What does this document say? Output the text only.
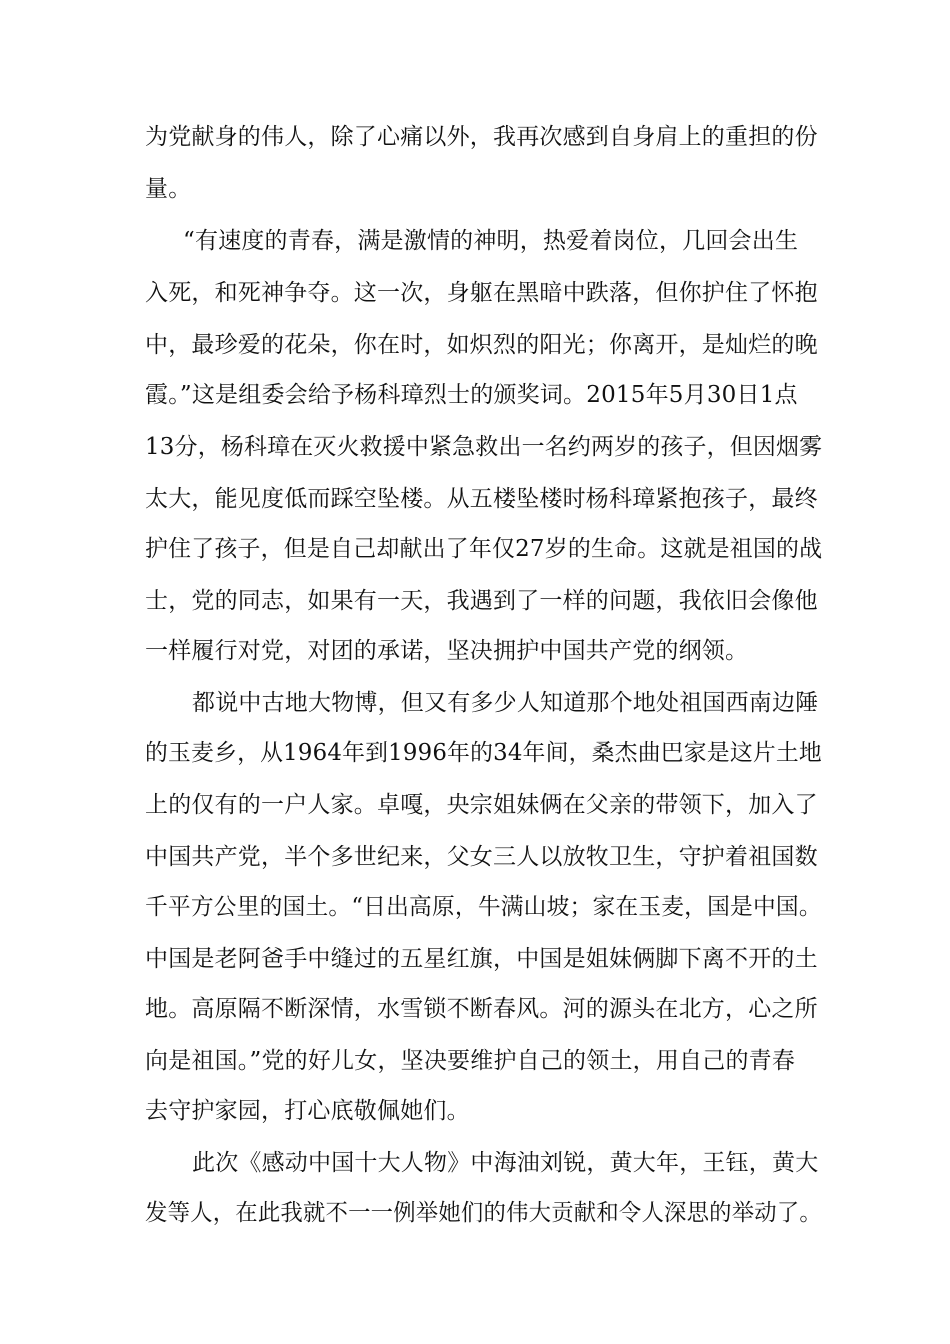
为党献身的伟人，除了心痛以外，我再次感到自身肩上的重担的份
量。
“有速度的青春，满是激情的神明，热爱着岗位，几回会出生
入死，和死神争夺。这一次，身躯在黑暗中跌落，但你护住了怀抱
中，最珍爱的花朵，你在时，如炽烈的阳光；你离开，是灿烂的晚
霞。”这是组委会给予杨科璋烈士的颁奖词。2015年5月30日1点
13分，杨科璋在灭火救援中紧急救出一名约两岁的孩子，但因烟雾
太大，能见度低而踩空坠楼。从五楼坠楼时杨科璋紧抱孩子，最终
护住了孩子，但是自己却献出了年仅27岁的生命。这就是祖国的战
士，党的同志，如果有一天，我遇到了一样的问题，我依旧会像他
一样履行对党，对团的承诺，坚决拥护中国共产党的纲领。
都说中古地大物博，但又有多少人知道那个地处祖国西南边陲
的玉麦乡，从1964年到1996年的34年间，桑杰曲巴家是这片土地
上的仅有的一户人家。卓嘎，央宗姐妹俩在父亲的带领下，加入了
中国共产党，半个多世纪来，父女三人以放牧卫生，守护着祖国数
千平方公里的国土。“日出高原，牛满山坡；家在玉麦，国是中国。
中国是老阿爸手中缝过的五星红旗，中国是姐妹俩脚下离不开的土
地。高原隔不断深情，水雪锁不断春风。河的源头在北方，心之所
向是祖国。”党的好儿女，坚决要维护自己的领土，用自己的青春
去守护家园，打心底敬佩她们。
此次《感动中国十大人物》中海油刘锐，黄大年，王钰，黄大
发等人，在此我就不一一例举她们的伟大贡献和令人深思的举动了。
